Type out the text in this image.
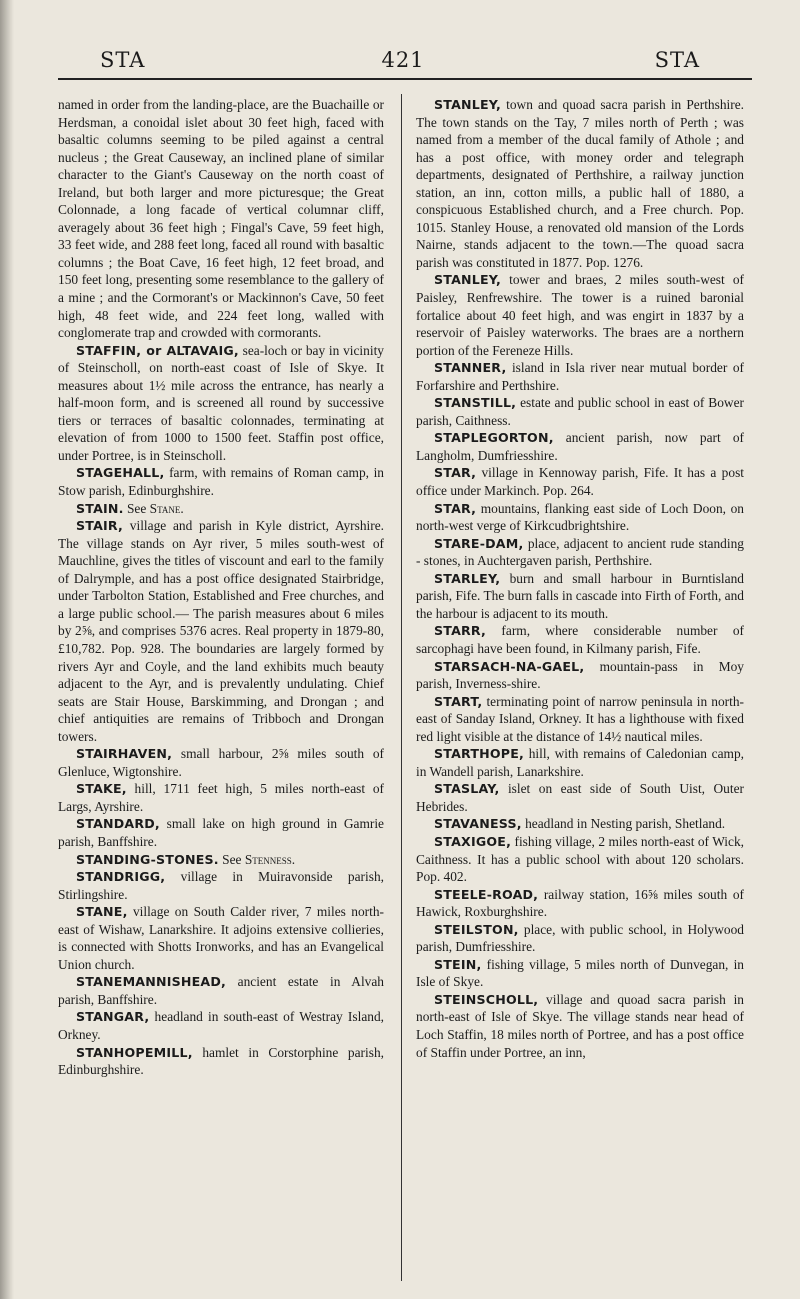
STA	421	STA

named in order from the landing-place, are the Buachaille or Herdsman, a conoidal islet about 30 feet high, faced with basaltic columns seeming to be piled against a central nucleus ; the Great Causeway, an inclined plane of similar character to the Giant's Causeway on the north coast of Ireland, but both larger and more picturesque; the Great Colonnade, a long facade of vertical columnar cliff, averagely about 36 feet high ; Fingal's Cave, 59 feet high, 33 feet wide, and 288 feet long, faced all round with basaltic columns ; the Boat Cave, 16 feet high, 12 feet broad, and 150 feet long, presenting some resemblance to the gallery of a mine ; and the Cormorant's or Mackinnon's Cave, 50 feet high, 48 feet wide, and 224 feet long, walled with conglomerate trap and crowded with cormorants.

STAFFIN, or ALTAVAIG, sea-loch or bay in vicinity of Steinscholl, on north-east coast of Isle of Skye. It measures about 1½ mile across the entrance, has nearly a half-moon form, and is screened all round by successive tiers or terraces of basaltic colonnades, terminating at elevation of from 1000 to 1500 feet. Staffin post office, under Portree, is in Steinscholl.

STAGEHALL, farm, with remains of Roman camp, in Stow parish, Edinburghshire.

STAIN. See Stane.

STAIR, village and parish in Kyle district, Ayrshire. The village stands on Ayr river, 5 miles south-west of Mauchline, gives the titles of viscount and earl to the family of Dalrymple, and has a post office designated Stairbridge, under Tarbolton Station, Established and Free churches, and a large public school.— The parish measures about 6 miles by 2⅝, and comprises 5376 acres. Real property in 1879-80, £10,782. Pop. 928. The boundaries are largely formed by rivers Ayr and Coyle, and the land exhibits much beauty adjacent to the Ayr, and is prevalently undulating. Chief seats are Stair House, Barskimming, and Drongan ; and chief antiquities are remains of Tribboch and Drongan towers.

STAIRHAVEN, small harbour, 2⅝ miles south of Glenluce, Wigtonshire.

STAKE, hill, 1711 feet high, 5 miles north-east of Largs, Ayrshire.

STANDARD, small lake on high ground in Gamrie parish, Banffshire.

STANDING-STONES. See Stenness.

STANDRIGG, village in Muiravonside parish, Stirlingshire.

STANE, village on South Calder river, 7 miles north-east of Wishaw, Lanarkshire. It adjoins extensive collieries, is connected with Shotts Ironworks, and has an Evangelical Union church.

STANEMANNISHEAD, ancient estate in Alvah parish, Banffshire.

STANGAR, headland in south-east of Westray Island, Orkney.

STANHOPEMILL, hamlet in Corstorphine parish, Edinburghshire.

STANLEY, town and quoad sacra parish in Perthshire. The town stands on the Tay, 7 miles north of Perth ; was named from a member of the ducal family of Athole ; and has a post office, with money order and telegraph departments, designated of Perthshire, a railway junction station, an inn, cotton mills, a public hall of 1880, a conspicuous Established church, and a Free church. Pop. 1015. Stanley House, a renovated old mansion of the Lords Nairne, stands adjacent to the town.—The quoad sacra parish was constituted in 1877. Pop. 1276.

STANLEY, tower and braes, 2 miles south-west of Paisley, Renfrewshire. The tower is a ruined baronial fortalice about 40 feet high, and was engirt in 1837 by a reservoir of Paisley waterworks. The braes are a northern portion of the Fereneze Hills.

STANNER, island in Isla river near mutual border of Forfarshire and Perthshire.

STANSTILL, estate and public school in east of Bower parish, Caithness.

STAPLEGORTON, ancient parish, now part of Langholm, Dumfriesshire.

STAR, village in Kennoway parish, Fife. It has a post office under Markinch. Pop. 264.

STAR, mountains, flanking east side of Loch Doon, on north-west verge of Kirkcudbrightshire.

STARE-DAM, place, adjacent to ancient rude standing - stones, in Auchtergaven parish, Perthshire.

STARLEY, burn and small harbour in Burntisland parish, Fife. The burn falls in cascade into Firth of Forth, and the harbour is adjacent to its mouth.

STARR, farm, where considerable number of sarcophagi have been found, in Kilmany parish, Fife.

STARSACH-NA-GAEL, mountain-pass in Moy parish, Inverness-shire.

START, terminating point of narrow peninsula in north-east of Sanday Island, Orkney. It has a lighthouse with fixed red light visible at the distance of 14½ nautical miles.

STARTHOPE, hill, with remains of Caledonian camp, in Wandell parish, Lanarkshire.

STASLAY, islet on east side of South Uist, Outer Hebrides.

STAVANESS, headland in Nesting parish, Shetland.

STAXIGOE, fishing village, 2 miles north-east of Wick, Caithness. It has a public school with about 120 scholars. Pop. 402.

STEELE-ROAD, railway station, 16⅝ miles south of Hawick, Roxburghshire.

STEILSTON, place, with public school, in Holywood parish, Dumfriesshire.

STEIN, fishing village, 5 miles north of Dunvegan, in Isle of Skye.

STEINSCHOLL, village and quoad sacra parish in north-east of Isle of Skye. The village stands near head of Loch Staffin, 18 miles north of Portree, and has a post office of Staffin under Portree, an inn,
